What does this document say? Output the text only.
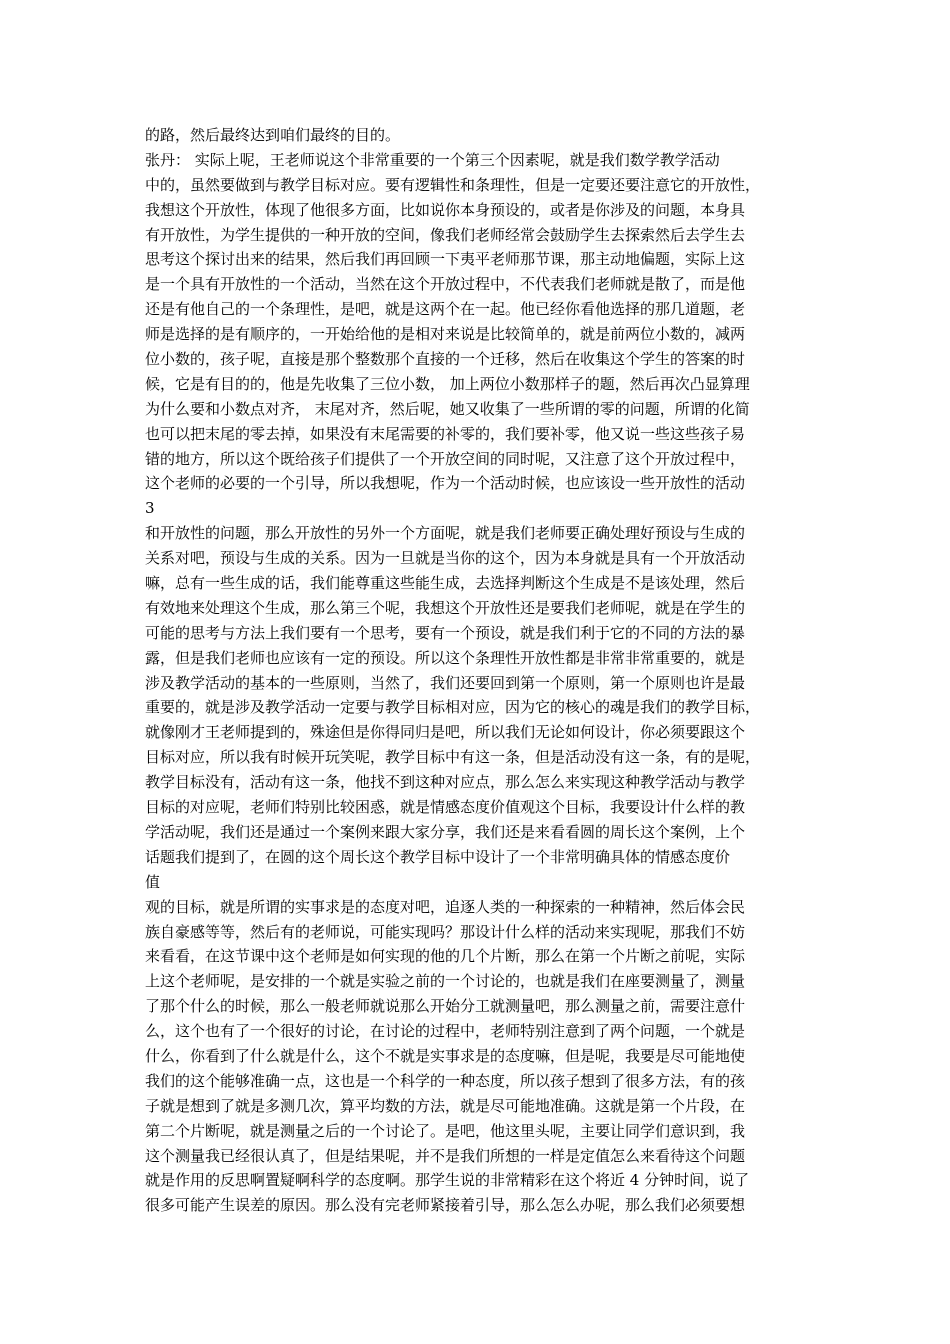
的路，然后最终达到咱们最终的目的。
张丹： 实际上呢，王老师说这个非常重要的一个第三个因素呢，就是我们数学教学活动
中的，虽然要做到与教学目标对应。要有逻辑性和条理性，但是一定要还要注意它的开放性，
我想这个开放性，体现了他很多方面，比如说你本身预设的，或者是你涉及的问题，本身具
有开放性，为学生提供的一种开放的空间，像我们老师经常会鼓励学生去探索然后去学生去
思考这个探讨出来的结果，然后我们再回顾一下夷平老师那节课，那主动地偏题，实际上这
是一个具有开放性的一个活动，当然在这个开放过程中，不代表我们老师就是散了，而是他
还是有他自己的一个条理性，是吧，就是这两个在一起。他已经你看他选择的那几道题，老
师是选择的是有顺序的，一开始给他的是相对来说是比较简单的，就是前两位小数的，减两
位小数的，孩子呢，直接是那个整数那个直接的一个迁移，然后在收集这个学生的答案的时
候，它是有目的的，他是先收集了三位小数， 加上两位小数那样子的题，然后再次凸显算理
为什么要和小数点对齐， 末尾对齐，然后呢，她又收集了一些所谓的零的问题，所谓的化简
也可以把末尾的零去掉，如果没有末尾需要的补零的，我们要补零，他又说一些这些孩子易
错的地方，所以这个既给孩子们提供了一个开放空间的同时呢，又注意了这个开放过程中，
这个老师的必要的一个引导，所以我想呢，作为一个活动时候，也应该设一些开放性的活动
3
和开放性的问题，那么开放性的另外一个方面呢，就是我们老师要正确处理好预设与生成的
关系对吧，预设与生成的关系。因为一旦就是当你的这个，因为本身就是具有一个开放活动
嘛，总有一些生成的话，我们能尊重这些能生成，去选择判断这个生成是不是该处理，然后
有效地来处理这个生成，那么第三个呢，我想这个开放性还是要我们老师呢，就是在学生的
可能的思考与方法上我们要有一个思考，要有一个预设，就是我们利于它的不同的方法的暴
露，但是我们老师也应该有一定的预设。所以这个条理性开放性都是非常非常重要的，就是
涉及教学活动的基本的一些原则，当然了，我们还要回到第一个原则，第一个原则也许是最
重要的，就是涉及教学活动一定要与教学目标相对应，因为它的核心的魂是我们的教学目标，
就像刚才王老师提到的，殊途但是你得同归是吧，所以我们无论如何设计，你必须要跟这个
目标对应，所以我有时候开玩笑呢，教学目标中有这一条，但是活动没有这一条，有的是呢，
教学目标没有，活动有这一条，他找不到这种对应点，那么怎么来实现这种教学活动与教学
目标的对应呢，老师们特别比较困惑，就是情感态度价值观这个目标，我要设计什么样的教
学活动呢，我们还是通过一个案例来跟大家分享，我们还是来看看圆的周长这个案例，上个
话题我们提到了，在圆的这个周长这个教学目标中设计了一个非常明确具体的情感态度价
值
观的目标，就是所谓的实事求是的态度对吧，追逐人类的一种探索的一种精神，然后体会民
族自豪感等等，然后有的老师说，可能实现吗？那设计什么样的活动来实现呢，那我们不妨
来看看，在这节课中这个老师是如何实现的他的几个片断，那么在第一个片断之前呢，实际
上这个老师呢，是安排的一个就是实验之前的一个讨论的，也就是我们在座要测量了，测量
了那个什么的时候，那么一般老师就说那么开始分工就测量吧，那么测量之前，需要注意什
么，这个也有了一个很好的讨论，在讨论的过程中，老师特别注意到了两个问题，一个就是
什么，你看到了什么就是什么，这个不就是实事求是的态度嘛，但是呢，我要是尽可能地使
我们的这个能够准确一点，这也是一个科学的一种态度，所以孩子想到了很多方法，有的孩
子就是想到了就是多测几次，算平均数的方法，就是尽可能地准确。这就是第一个片段，在
第二个片断呢，就是测量之后的一个讨论了。是吧，他这里头呢，主要让同学们意识到，我
这个测量我已经很认真了，但是结果呢，并不是我们所想的一样是定值怎么来看待这个问题
就是作用的反思啊置疑啊科学的态度啊。那学生说的非常精彩在这个将近 4 分钟时间，说了
很多可能产生误差的原因。那么没有完老师紧接着引导，那么怎么办呢，那么我们必须要想
